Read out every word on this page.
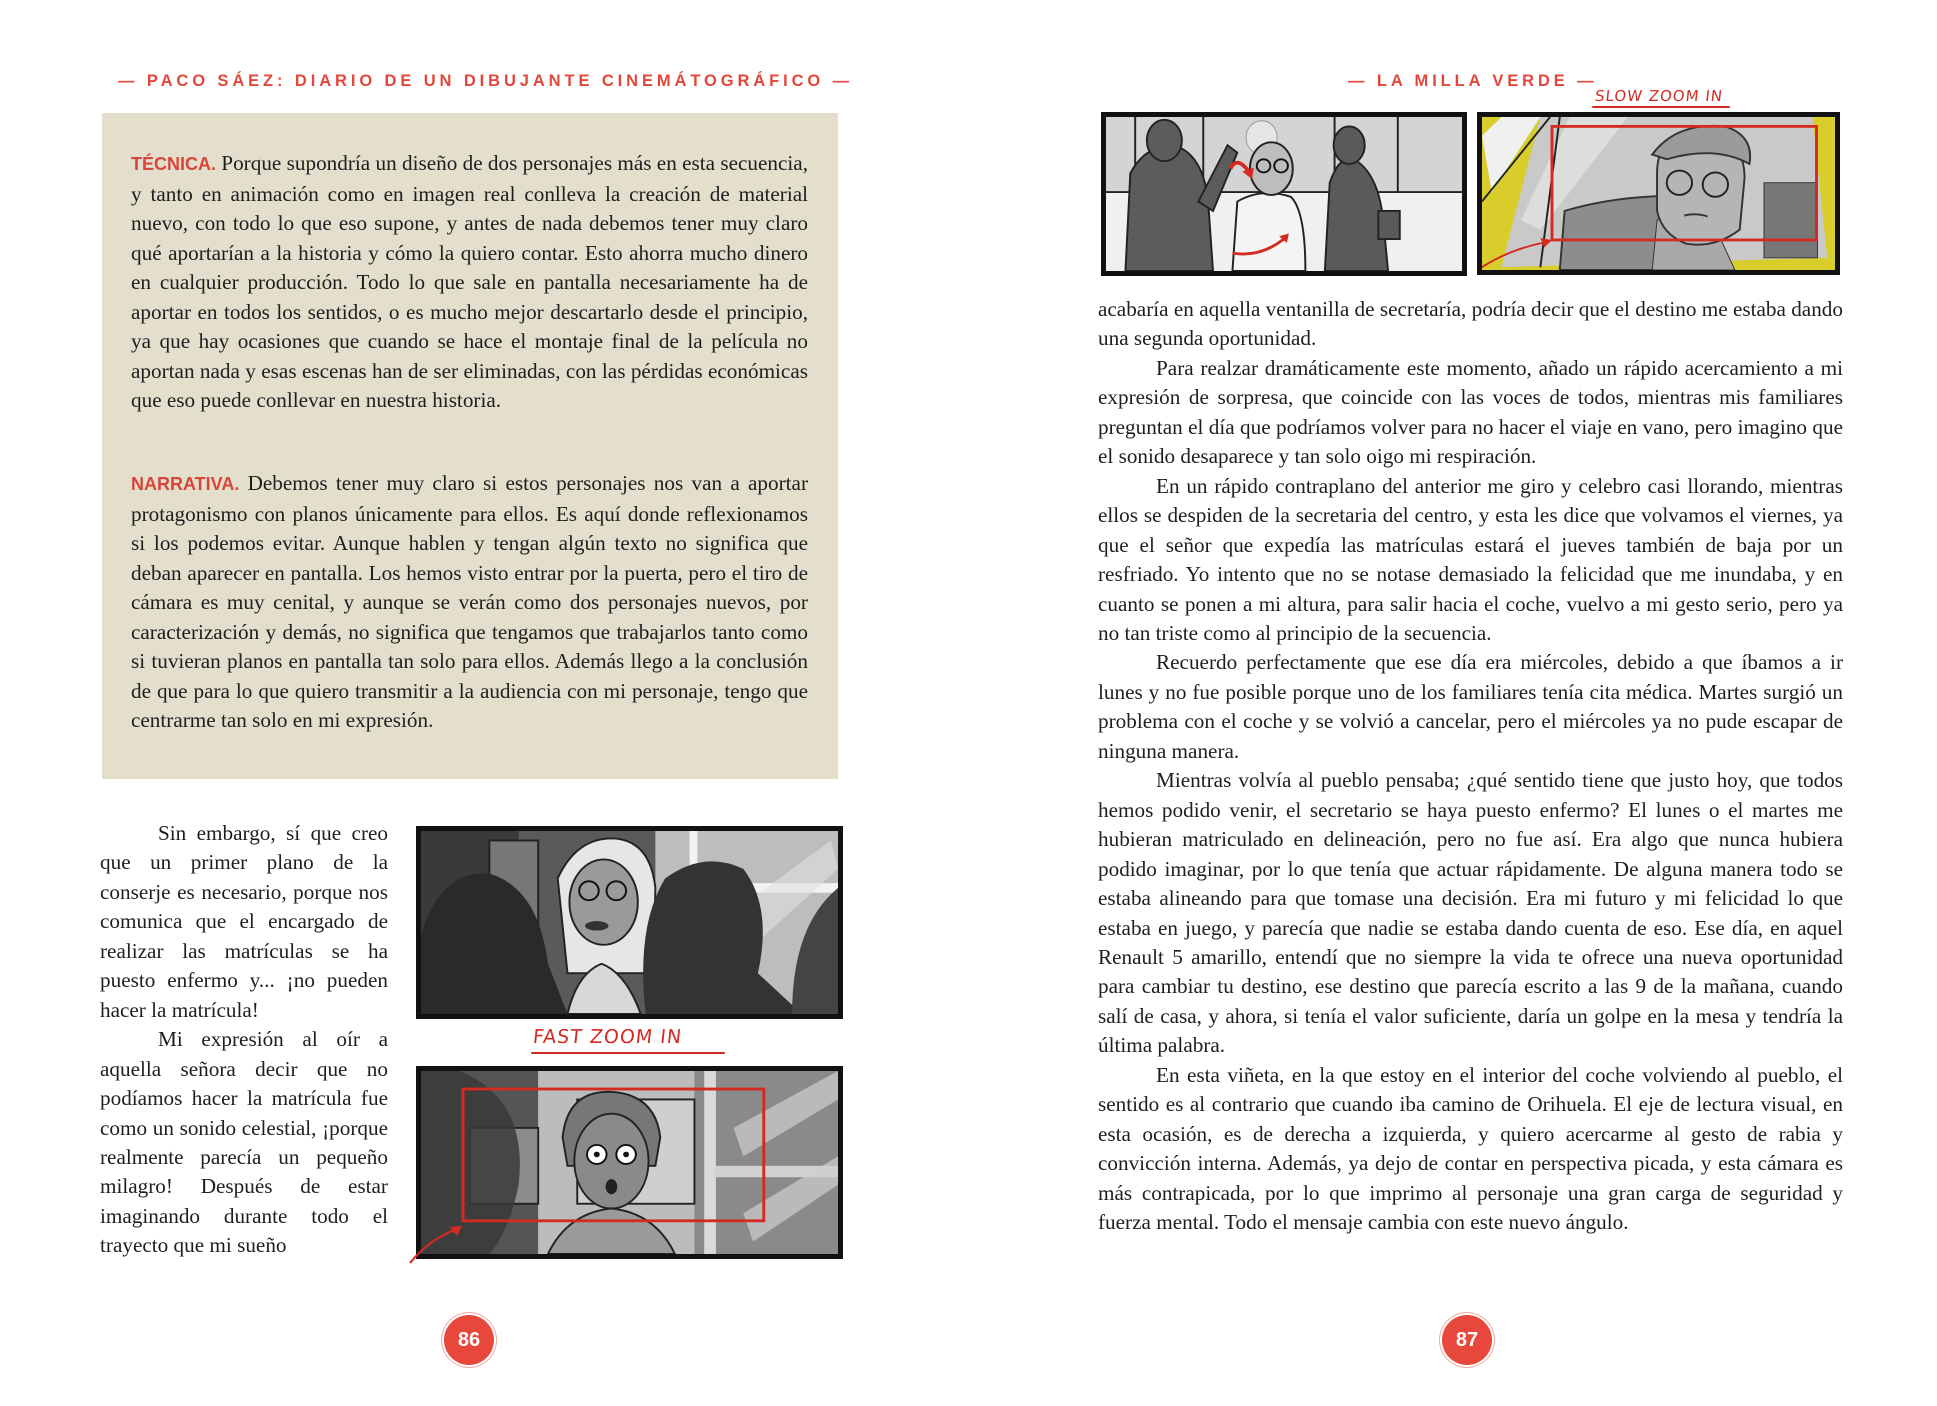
— PACO SÁEZ: DIARIO DE UN DIBUJANTE CINEMÁTOGRÁFICO —

TÉCNICA. Porque supondría un diseño de dos personajes más en esta secuencia, y tanto en animación como en imagen real conlleva la creación de material nuevo, con todo lo que eso supone, y antes de nada debemos tener muy claro qué aportarían a la historia y cómo la quiero contar. Esto ahorra mucho dinero en cualquier producción. Todo lo que sale en pantalla necesariamente ha de aportar en todos los sentidos, o es mucho mejor descartarlo desde el principio, ya que hay ocasiones que cuando se hace el montaje final de la película no aportan nada y esas escenas han de ser eliminadas, con las pérdidas económicas que eso puede conllevar en nuestra historia.

NARRATIVA. Debemos tener muy claro si estos personajes nos van a aportar protagonismo con planos únicamente para ellos. Es aquí donde reflexionamos si los podemos evitar. Aunque hablen y tengan algún texto no significa que deban aparecer en pantalla. Los hemos visto entrar por la puerta, pero el tiro de cámara es muy cenital, y aunque se verán como dos personajes nuevos, por caracterización y demás, no significa que tengamos que trabajarlos tanto como si tuvieran planos en pantalla tan solo para ellos. Además llego a la conclusión de que para lo que quiero transmitir a la audiencia con mi personaje, tengo que centrarme tan solo en mi expresión.

Sin embargo, sí que creo que un primer plano de la conserje es necesario, porque nos comunica que el encargado de realizar las matrículas se ha puesto enfermo y... ¡no pueden hacer la matrícula!

Mi expresión al oír a aquella señora decir que no podíamos hacer la matrícula fue como un sonido celestial, ¡porque realmente parecía un pequeño milagro! Después de estar imaginando durante todo el trayecto que mi sueño

FAST ZOOM IN
86
— LA MILLA VERDE —
SLOW ZOOM IN

acabaría en aquella ventanilla de secretaría, podría decir que el destino me estaba dando una segunda oportunidad.

Para realzar dramáticamente este momento, añado un rápido acercamiento a mi expresión de sorpresa, que coincide con las voces de todos, mientras mis familiares preguntan el día que podríamos volver para no hacer el viaje en vano, pero imagino que el sonido desaparece y tan solo oigo mi respiración.

En un rápido contraplano del anterior me giro y celebro casi llorando, mientras ellos se despiden de la secretaria del centro, y esta les dice que volvamos el viernes, ya que el señor que expedía las matrículas estará el jueves también de baja por un resfriado. Yo intento que no se notase demasiado la felicidad que me inundaba, y en cuanto se ponen a mi altura, para salir hacia el coche, vuelvo a mi gesto serio, pero ya no tan triste como al principio de la secuencia.

Recuerdo perfectamente que ese día era miércoles, debido a que íbamos a ir lunes y no fue posible porque uno de los familiares tenía cita médica. Martes surgió un problema con el coche y se volvió a cancelar, pero el miércoles ya no pude escapar de ninguna manera.

Mientras volvía al pueblo pensaba; ¿qué sentido tiene que justo hoy, que todos hemos podido venir, el secretario se haya puesto enfermo? El lunes o el martes me hubieran matriculado en delineación, pero no fue así. Era algo que nunca hubiera podido imaginar, por lo que tenía que actuar rápidamente. De alguna manera todo se estaba alineando para que tomase una decisión. Era mi futuro y mi felicidad lo que estaba en juego, y parecía que nadie se estaba dando cuenta de eso. Ese día, en aquel Renault 5 amarillo, entendí que no siempre la vida te ofrece una nueva oportunidad para cambiar tu destino, ese destino que parecía escrito a las 9 de la mañana, cuando salí de casa, y ahora, si tenía el valor suficiente, daría un golpe en la mesa y tendría la última palabra.

En esta viñeta, en la que estoy en el interior del coche volviendo al pueblo, el sentido es al contrario que cuando iba camino de Orihuela. El eje de lectura visual, en esta ocasión, es de derecha a izquierda, y quiero acercarme al gesto de rabia y convicción interna. Además, ya dejo de contar en perspectiva picada, y esta cámara es más contrapicada, por lo que imprimo al personaje una gran carga de seguridad y fuerza mental. Todo el mensaje cambia con este nuevo ángulo.

87
